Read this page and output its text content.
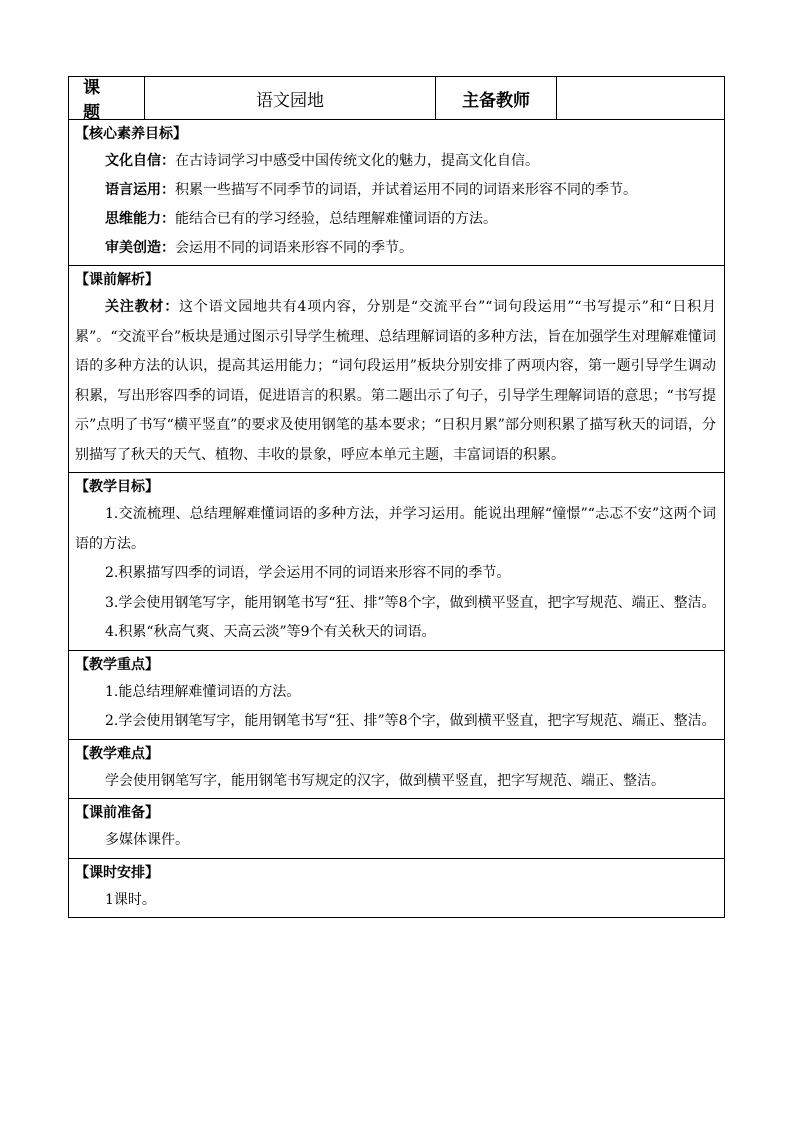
课 题
语文园地	主备教师
【核心素养目标】
文化自信：在古诗词学习中感受中国传统文化的魅力，提高文化自信。
语言运用：积累一些描写不同季节的词语，并试着运用不同的词语来形容不同的季节。
思维能力：能结合已有的学习经验，总结理解难懂词语的方法。
审美创造：会运用不同的词语来形容不同的季节。
【课前解析】

关注教材：这个语文园地共有4项内容，分别是“交流平台”“词句段运用”“书写提示”和“日积月累”。“交流平台”板块是通过图示引导学生梳理、总结理解词语的多种方法，旨在加强学生对理解难懂词语的多种方法的认识，提高其运用能力；“词句段运用”板块分别安排了两项内容，第一题引导学生调动积累，写出形容四季的词语，促进语言的积累。第二题出示了句子，引导学生理解词语的意思；“书写提示”点明了书写“横平竖直”的要求及使用钢笔的基本要求；“日积月累”部分则积累了描写秋天的词语，分别描写了秋天的天气、植物、丰收的景象，呼应本单元主题，丰富词语的积累。

【教学目标】

1.交流梳理、总结理解难懂词语的多种方法，并学习运用。能说出理解“憧憬”“忐忑不安”这两个词语的方法。

2.积累描写四季的词语，学会运用不同的词语来形容不同的季节。

3.学会使用钢笔写字，能用钢笔书写“狂、排”等8个字，做到横平竖直，把字写规范、端正、整洁。

4.积累“秋高气爽、天高云淡”等9个有关秋天的词语。

【教学重点】

1.能总结理解难懂词语的方法。

2.学会使用钢笔写字，能用钢笔书写“狂、排”等8个字，做到横平竖直，把字写规范、端正、整洁。

【教学难点】

学会使用钢笔写字，能用钢笔书写规定的汉字，做到横平竖直，把字写规范、端正、整洁。

【课前准备】

多媒体课件。

【课时安排】

1课时。
